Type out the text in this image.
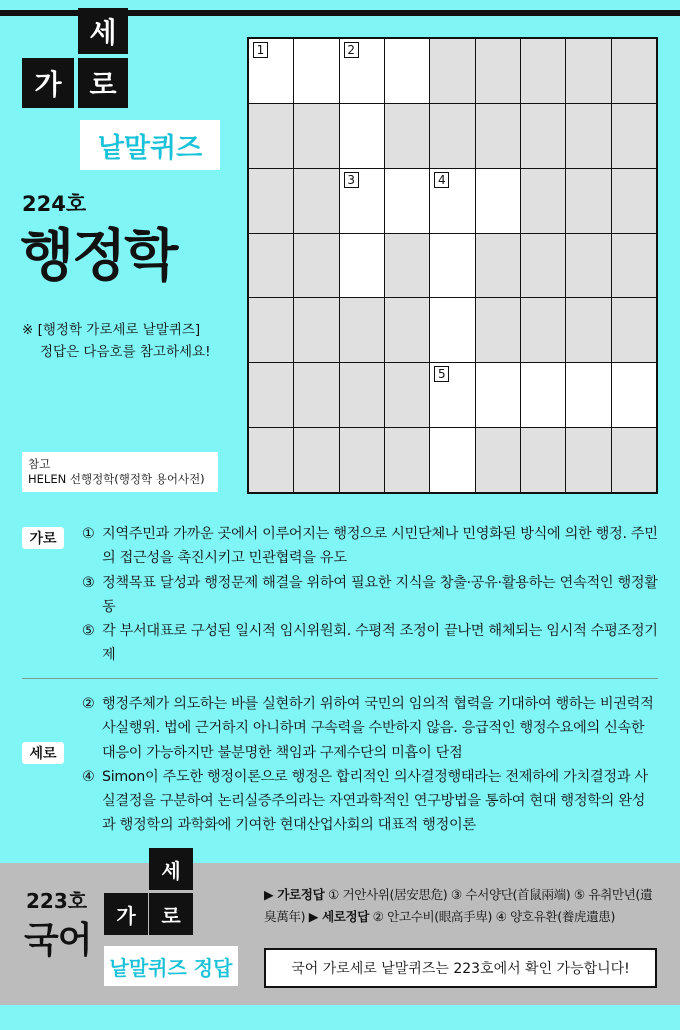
세
가 로
낱말퀴즈
224호
행정학
※ [행정학 가로세로 낱말퀴즈]
정답은 다음호를 참고하세요!
참고
HELEN 선행정학(행정학 용어사전)
1	2
3	4
5
가로	① 지역주민과 가까운 곳에서 이루어지는 행정으로 시민단체나 민영화된 방식에 의한 행정. 주민의 접근성을 촉진시키고 민관협력을 유도
③ 정책목표 달성과 행정문제 해결을 위하여 필요한 지식을 창출·공유·활용하는 연속적인 행정활동
⑤ 각 부서대표로 구성된 일시적 임시위원회. 수평적 조정이 끝나면 해체되는 임시적 수평조정기제
세로
② 행정주체가 의도하는 바를 실현하기 위하여 국민의 임의적 협력을 기대하여 행하는 비권력적 사실행위. 법에 근거하지 아니하며 구속력을 수반하지 않음. 응급적인 행정수요에의 신속한 대응이 가능하지만 불분명한 책임과 구제수단의 미흡이 단점
④ Simon이 주도한 행정이론으로 행정은 합리적인 의사결정행태라는 전제하에 가치결정과 사실결정을 구분하여 논리실증주의라는 자연과학적인 연구방법을 통하여 현대 행정학의 완성과 행정학의 과학화에 기여한 현대산업사회의 대표적 행정이론
223호
국어
세
가	로
낱말퀴즈 정답
▶ 가로정답 ① 거안사위(居安思危) ③ 수서양단(首鼠兩端) ⑤ 유취만년(遺臭萬年) ▶ 세로정답 ② 안고수비(眼高手卑) ④ 양호유환(養虎遺患)
국어 가로세로 낱말퀴즈는 223호에서 확인 가능합니다!
